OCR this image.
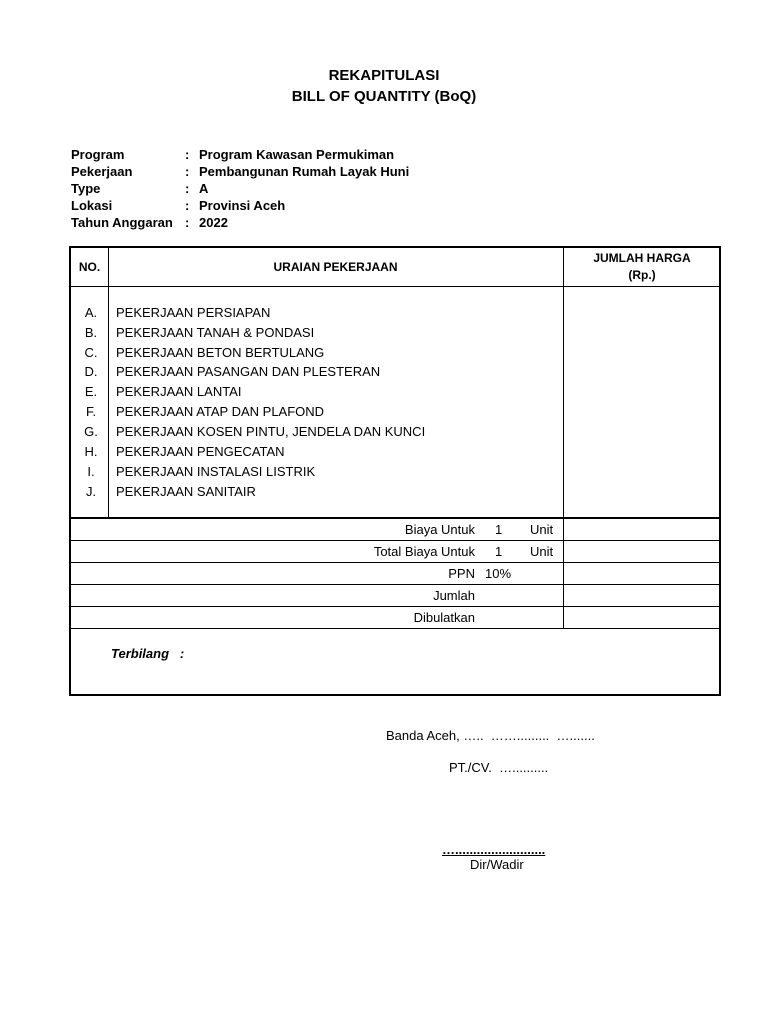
REKAPITULASI
BILL OF QUANTITY (BoQ)
Program	: Program Kawasan Permukiman
Pekerjaan	: Pembangunan Rumah Layak Huni
Type	: A
Lokasi	: Provinsi Aceh
Tahun Anggaran : 2022
NO.	URAIAN PEKERJAAN
JUMLAH HARGA
(Rp.)
A.	PEKERJAAN PERSIAPAN
B.	PEKERJAAN TANAH & PONDASI
C.	PEKERJAAN BETON BERTULANG
D.	PEKERJAAN PASANGAN DAN PLESTERAN
E.	PEKERJAAN LANTAI
F.	PEKERJAAN ATAP DAN PLAFOND
G.	PEKERJAAN KOSEN PINTU, JENDELA DAN KUNCI
H.	PEKERJAAN PENGECATAN
I.	PEKERJAAN INSTALASI LISTRIK
J.	PEKERJAAN SANITAIR
Biaya Untuk 1 Unit
Total Biaya Untuk 1 Unit
PPN 10%
Jumlah
Dibulatkan
Terbilang   :
Banda Aceh, …..  …….........  ….......
PT./CV.  …..........
….........................
Dir/Wadir
